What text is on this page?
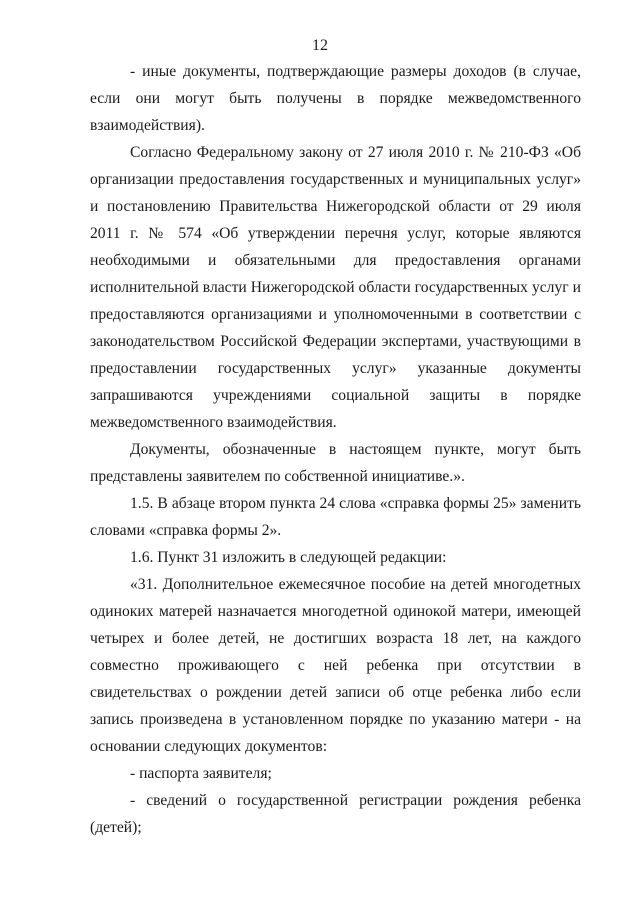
12

- иные документы, подтверждающие размеры доходов (в случае, если они могут быть получены в порядке межведомственного взаимодействия).

Согласно Федеральному закону от 27 июля 2010 г. № 210-ФЗ «Об организации предоставления государственных и муниципальных услуг» и постановлению Правительства Нижегородской области от 29 июля 2011 г. № 574 «Об утверждении перечня услуг, которые являются необходимыми и обязательными для предоставления органами исполнительной власти Нижегородской области государственных услуг и предоставляются организациями и уполномоченными в соответствии с законодательством Российской Федерации экспертами, участвующими в предоставлении государственных услуг» указанные документы запрашиваются учреждениями социальной защиты в порядке межведомственного взаимодействия.

Документы, обозначенные в настоящем пункте, могут быть представлены заявителем по собственной инициативе.».

1.5. В абзаце втором пункта 24 слова «справка формы 25» заменить словами «справка формы 2».

1.6. Пункт 31 изложить в следующей редакции:

«31. Дополнительное ежемесячное пособие на детей многодетных одиноких матерей назначается многодетной одинокой матери, имеющей четырех и более детей, не достигших возраста 18 лет, на каждого совместно проживающего с ней ребенка при отсутствии в свидетельствах о рождении детей записи об отце ребенка либо если запись произведена в установленном порядке по указанию матери - на основании следующих документов:

- паспорта заявителя;

- сведений о государственной регистрации рождения ребенка (детей);
